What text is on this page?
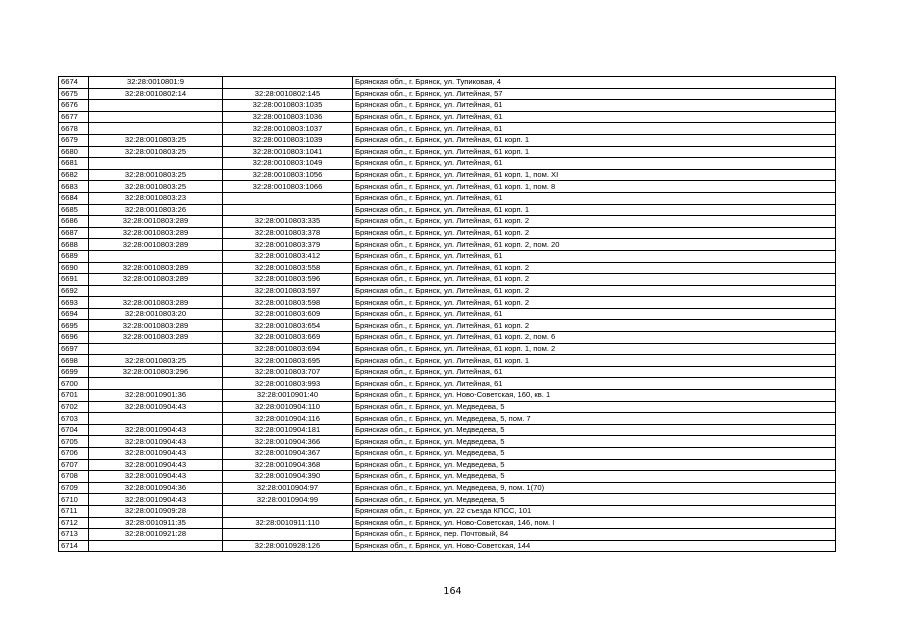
6674	32:28:0010801:9		Брянская обл., г. Брянск, ул. Тупиковая, 4
6675	32:28:0010802:14	32:28:0010802:145	Брянская обл., г. Брянск, ул. Литейная, 57
6676		32:28:0010803:1035	Брянская обл., г. Брянск, ул. Литейная, 61
6677		32:28:0010803:1036	Брянская обл., г. Брянск, ул. Литейная, 61
6678		32:28:0010803:1037	Брянская обл., г. Брянск, ул. Литейная, 61
6679	32:28:0010803:25	32:28:0010803:1039	Брянская обл., г. Брянск, ул. Литейная, 61 корп. 1
6680	32:28:0010803:25	32:28:0010803:1041	Брянская обл., г. Брянск, ул. Литейная, 61 корп. 1
6681		32:28:0010803:1049	Брянская обл., г. Брянск, ул. Литейная, 61
6682	32:28:0010803:25	32:28:0010803:1056	Брянская обл., г. Брянск, ул. Литейная, 61 корп. 1, пом. XI
6683	32:28:0010803:25	32:28:0010803:1066	Брянская обл., г. Брянск, ул. Литейная, 61 корп. 1, пом. 8
6684	32:28:0010803:23		Брянская обл., г. Брянск, ул. Литейная, 61
6685	32:28:0010803:26		Брянская обл., г. Брянск, ул. Литейная, 61 корп. 1
6686	32:28:0010803:289	32:28:0010803:335	Брянская обл., г. Брянск, ул. Литейная, 61 корп. 2
6687	32:28:0010803:289	32:28:0010803:378	Брянская обл., г. Брянск, ул. Литейная, 61 корп. 2
6688	32:28:0010803:289	32:28:0010803:379	Брянская обл., г. Брянск, ул. Литейная, 61 корп. 2, пом. 20
6689		32:28:0010803:412	Брянская обл., г. Брянск, ул. Литейная, 61
6690	32:28:0010803:289	32:28:0010803:558	Брянская обл., г. Брянск, ул. Литейная, 61 корп. 2
6691	32:28:0010803:289	32:28:0010803:596	Брянская обл., г. Брянск, ул. Литейная, 61 корп. 2
6692		32:28:0010803:597	Брянская обл., г. Брянск, ул. Литейная, 61 корп. 2
6693	32:28:0010803:289	32:28:0010803:598	Брянская обл., г. Брянск, ул. Литейная, 61 корп. 2
6694	32:28:0010803:20	32:28:0010803:609	Брянская обл., г. Брянск, ул. Литейная, 61
6695	32:28:0010803:289	32:28:0010803:654	Брянская обл., г. Брянск, ул. Литейная, 61 корп. 2
6696	32:28:0010803:289	32:28:0010803:669	Брянская обл., г. Брянск, ул. Литейная, 61 корп. 2, пом. 6
6697		32:28:0010803:694	Брянская обл., г. Брянск, ул. Литейная, 61 корп. 1, пом. 2
6698	32:28:0010803:25	32:28:0010803:695	Брянская обл., г. Брянск, ул. Литейная, 61 корп. 1
6699	32:28:0010803:296	32:28:0010803:707	Брянская обл., г. Брянск, ул. Литейная, 61
6700		32:28:0010803:993	Брянская обл., г. Брянск, ул. Литейная, 61
6701	32:28:0010901:36	32:28:0010901:40	Брянская обл., г. Брянск, ул. Ново-Советская, 160, кв. 1
6702	32:28:0010904:43	32:28:0010904:110	Брянская обл., г. Брянск, ул. Медведева, 5
6703		32:28:0010904:116	Брянская обл., г. Брянск, ул. Медведева, 5, пом. 7
6704	32:28:0010904:43	32:28:0010904:181	Брянская обл., г. Брянск, ул. Медведева, 5
6705	32:28:0010904:43	32:28:0010904:366	Брянская обл., г. Брянск, ул. Медведева, 5
6706	32:28:0010904:43	32:28:0010904:367	Брянская обл., г. Брянск, ул. Медведева, 5
6707	32:28:0010904:43	32:28:0010904:368	Брянская обл., г. Брянск, ул. Медведева, 5
6708	32:28:0010904:43	32:28:0010904:390	Брянская обл., г. Брянск, ул. Медведева, 5
6709	32:28:0010904:36	32:28:0010904:97	Брянская обл., г. Брянск, ул. Медведева, 9, пом. 1(70)
6710	32:28:0010904:43	32:28:0010904:99	Брянская обл., г. Брянск, ул. Медведева, 5
6711	32:28:0010909:28		Брянская обл., г. Брянск, ул. 22 съезда КПСС, 101
6712	32:28:0010911:35	32:28:0010911:110	Брянская обл., г. Брянск, ул. Ново-Советская, 146, пом. I
6713	32:28:0010921:28		Брянская обл., г. Брянск, пер. Почтовый, 84
6714		32:28:0010928:126	Брянская обл., г. Брянск, ул. Ново-Советская, 144
164
